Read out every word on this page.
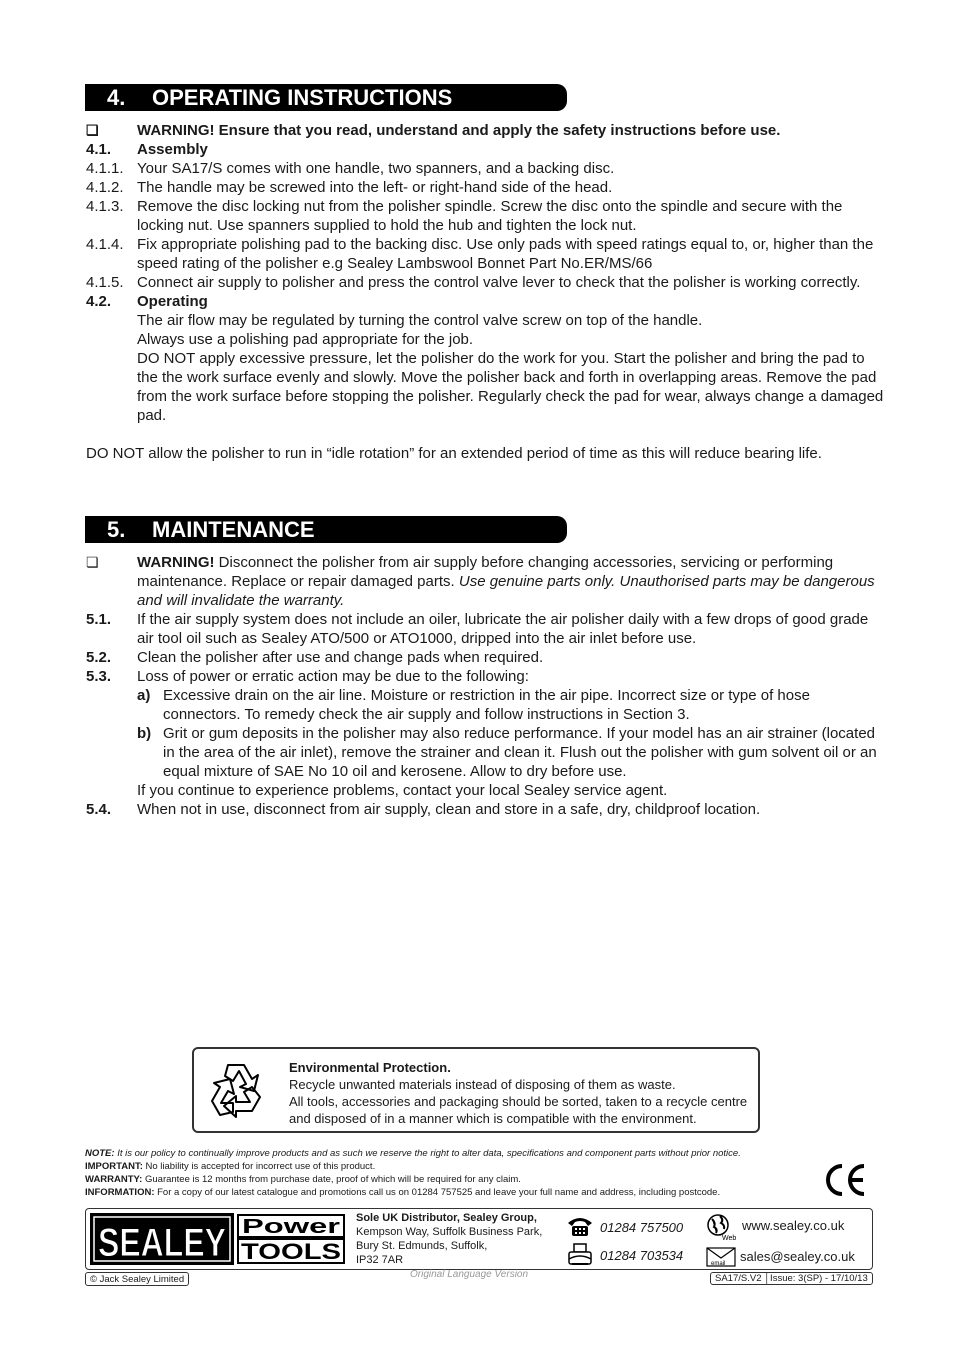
4. OPERATING INSTRUCTIONS
❏	WARNING! Ensure that you read, understand and apply the safety instructions before use.
4.1.	Assembly
4.1.1. Your SA17/S comes with one handle, two spanners, and a backing disc.
4.1.2. The handle may be screwed into the left- or right-hand side of the head.
4.1.3. Remove the disc locking nut from the polisher spindle. Screw the disc onto the spindle and secure with the locking nut. Use spanners supplied to hold the hub and tighten the lock nut.
4.1.4. Fix appropriate polishing pad to the backing disc. Use only pads with speed ratings equal to, or, higher than the speed rating of the polisher e.g Sealey Lambswool Bonnet Part No.ER/MS/66
4.1.5. Connect air supply to polisher and press the control valve lever to check that the polisher is working correctly.
4.2.	Operating
The air flow may be regulated by turning the control valve screw on top of the handle.
Always use a polishing pad appropriate for the job.
DO NOT apply excessive pressure, let the polisher do the work for you. Start the polisher and bring the pad to the the work surface evenly and slowly. Move the polisher back and forth in overlapping areas. Remove the pad from the work surface before stopping the polisher. Regularly check the pad for wear, always change a damaged pad.
DO NOT allow the polisher to run in “idle rotation” for an extended period of time as this will reduce bearing life.
5. MAINTENANCE
❏	WARNING! Disconnect the polisher from air supply before changing accessories, servicing or performing maintenance. Replace or repair damaged parts. Use genuine parts only. Unauthorised parts may be dangerous and will invalidate the warranty.
5.1.	If the air supply system does not include an oiler, lubricate the air polisher daily with a few drops of good grade air tool oil such as Sealey ATO/500 or ATO1000, dripped into the air inlet before use.
5.2.	Clean the polisher after use and change pads when required.
5.3.	Loss of power or erratic action may be due to the following:
a) Excessive drain on the air line. Moisture or restriction in the air pipe. Incorrect size or type of hose connectors. To remedy check the air supply and follow instructions in Section 3.
b) Grit or gum deposits in the polisher may also reduce performance. If your model has an air strainer (located in the area of the air inlet), remove the strainer and clean it. Flush out the polisher with gum solvent oil or an equal mixture of SAE No 10 oil and kerosene. Allow to dry before use.
If you continue to experience problems, contact your local Sealey service agent.
5.4.	When not in use, disconnect from air supply, clean and store in a safe, dry, childproof location.
Environmental Protection.
Recycle unwanted materials instead of disposing of them as waste.
All tools, accessories and packaging should be sorted, taken to a recycle centre and disposed of in a manner which is compatible with the environment.
NOTE: It is our policy to continually improve products and as such we reserve the right to alter data, specifications and component parts without prior notice.
IMPORTANT: No liability is accepted for incorrect use of this product.
WARRANTY: Guarantee is 12 months from purchase date, proof of which will be required for any claim.
INFORMATION: For a copy of our latest catalogue and promotions call us on 01284 757525 and leave your full name and address, including postcode.
SEALEY Power
TOOLS
Sole UK Distributor, Sealey Group,
Kempson Way, Suffolk Business Park,
Bury St. Edmunds, Suffolk,
IP32 7AR
01284 757500
01284 703534
Web
www.sealey.co.uk
email sales@sealey.co.uk
© Jack Sealey Limited	Original Language Version	SA17/S.V2 │Issue: 3(SP) - 17/10/13
